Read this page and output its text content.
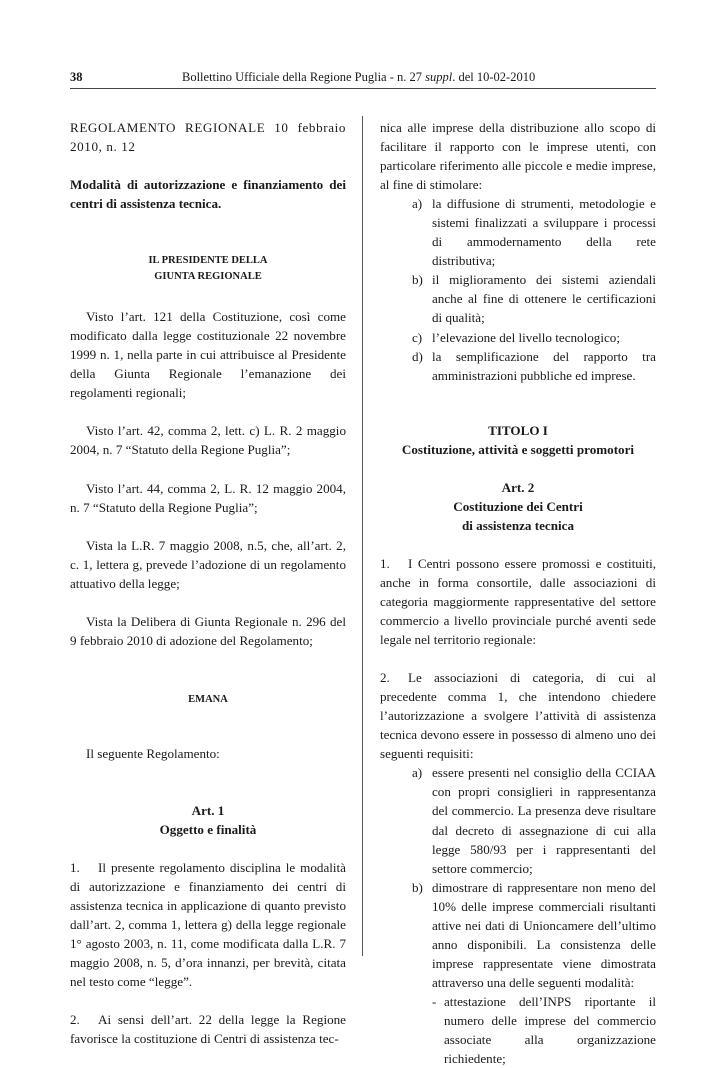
38	Bollettino Ufficiale della Regione Puglia - n. 27 suppl. del 10-02-2010

REGOLAMENTO REGIONALE 10 febbraio 2010, n. 12

Modalità di autorizzazione e finanziamento dei centri di assistenza tecnica.

IL PRESIDENTE DELLA

GIUNTA REGIONALE

Visto l’art. 121 della Costituzione, così come modificato dalla legge costituzionale 22 novembre 1999 n. 1, nella parte in cui attribuisce al Presidente della Giunta Regionale l’emanazione dei regolamenti regionali;

Visto l’art. 42, comma 2, lett. c) L. R. 2 maggio 2004, n. 7 “Statuto della Regione Puglia”;

Visto l’art. 44, comma 2, L. R. 12 maggio 2004, n. 7 “Statuto della Regione Puglia”;

Vista la L.R. 7 maggio 2008, n.5, che, all’art. 2, c. 1, lettera g, prevede l’adozione di un regolamento attuativo della legge;

Vista la Delibera di Giunta Regionale n. 296 del 9 febbraio 2010 di adozione del Regolamento;

EMANA

Il seguente Regolamento:

Art. 1

Oggetto e finalità

1. Il presente regolamento disciplina le modalità di autorizzazione e finanziamento dei centri di assistenza tecnica in applicazione di quanto previsto dall’art. 2, comma 1, lettera g) della legge regionale 1° agosto 2003, n. 11, come modificata dalla L.R. 7 maggio 2008, n. 5, d’ora innanzi, per brevità, citata nel testo come “legge”.

2. Ai sensi dell’art. 22 della legge la Regione favorisce la costituzione di Centri di assistenza tec-

nica alle imprese della distribuzione allo scopo di facilitare il rapporto con le imprese utenti, con particolare riferimento alle piccole e medie imprese, al fine di stimolare:

a) la diffusione di strumenti, metodologie e sistemi finalizzati a sviluppare i processi di ammodernamento della rete distributiva;
b) il miglioramento dei sistemi aziendali anche al fine di ottenere le certificazioni di qualità;
c) l’elevazione del livello tecnologico;
d) la semplificazione del rapporto tra amministrazioni pubbliche ed imprese.

TITOLO I

Costituzione, attività e soggetti promotori

Art. 2

Costituzione dei Centri

di assistenza tecnica

1. I Centri possono essere promossi e costituiti, anche in forma consortile, dalle associazioni di categoria maggiormente rappresentative del settore commercio a livello provinciale purché aventi sede legale nel territorio regionale:

2. Le associazioni di categoria, di cui al precedente comma 1, che intendono chiedere l’autorizzazione a svolgere l’attività di assistenza tecnica devono essere in possesso di almeno uno dei seguenti requisiti:

a) essere presenti nel consiglio della CCIAA con propri consiglieri in rappresentanza del commercio. La presenza deve risultare dal decreto di assegnazione di cui alla legge 580/93 per i rappresentanti del settore commercio;
b) dimostrare di rappresentare non meno del 10% delle imprese commerciali risultanti attive nei dati di Unioncamere dell’ultimo anno disponibili. La consistenza delle imprese rappresentate viene dimostrata attraverso una delle seguenti modalità:
- attestazione dell’INPS riportante il numero delle imprese del commercio associate alla organizzazione richiedente;
